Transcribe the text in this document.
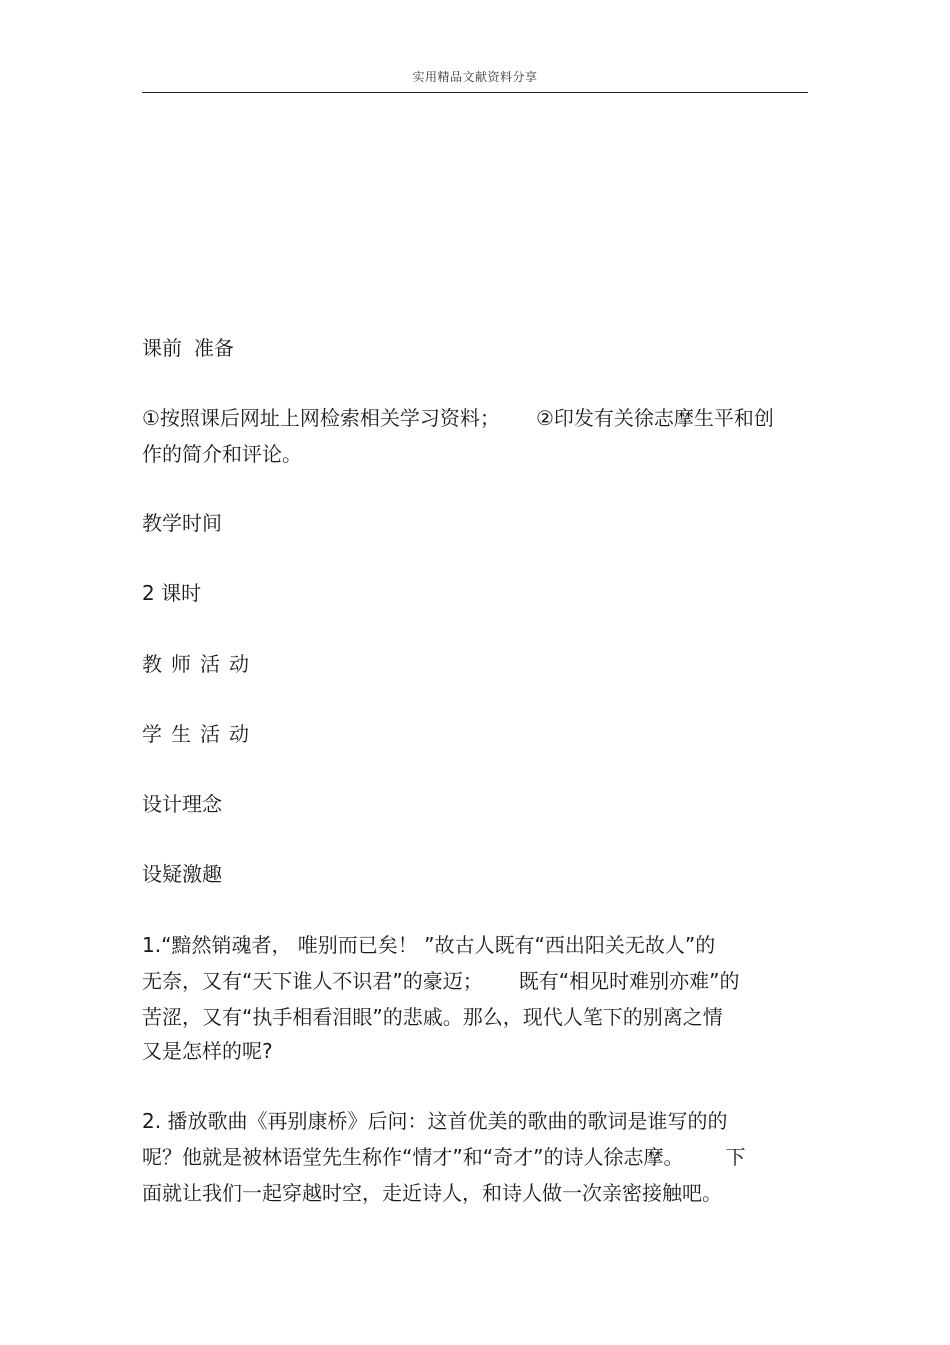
实用精品文献资料分享
课前 准备
①按照课后网址上网检索相关学习资料； ②印发有关徐志摩生平和创
作的简介和评论。
教学时间
2 课时
教师活动
学生活动
设计理念
设疑激趣
1.“黯然销魂者， 唯别而已矣！ ”故古人既有“西出阳关无故人”的
无奈，又有“天下谁人不识君”的豪迈； 既有“相见时难别亦难”的
苦涩，又有“执手相看泪眼”的悲戚。那么，现代人笔下的别离之情
又是怎样的呢?
2. 播放歌曲《再别康桥》后问：这首优美的歌曲的歌词是谁写的的
呢？他就是被林语堂先生称作“情才”和“奇才”的诗人徐志摩。 下
面就让我们一起穿越时空，走近诗人，和诗人做一次亲密接触吧。
